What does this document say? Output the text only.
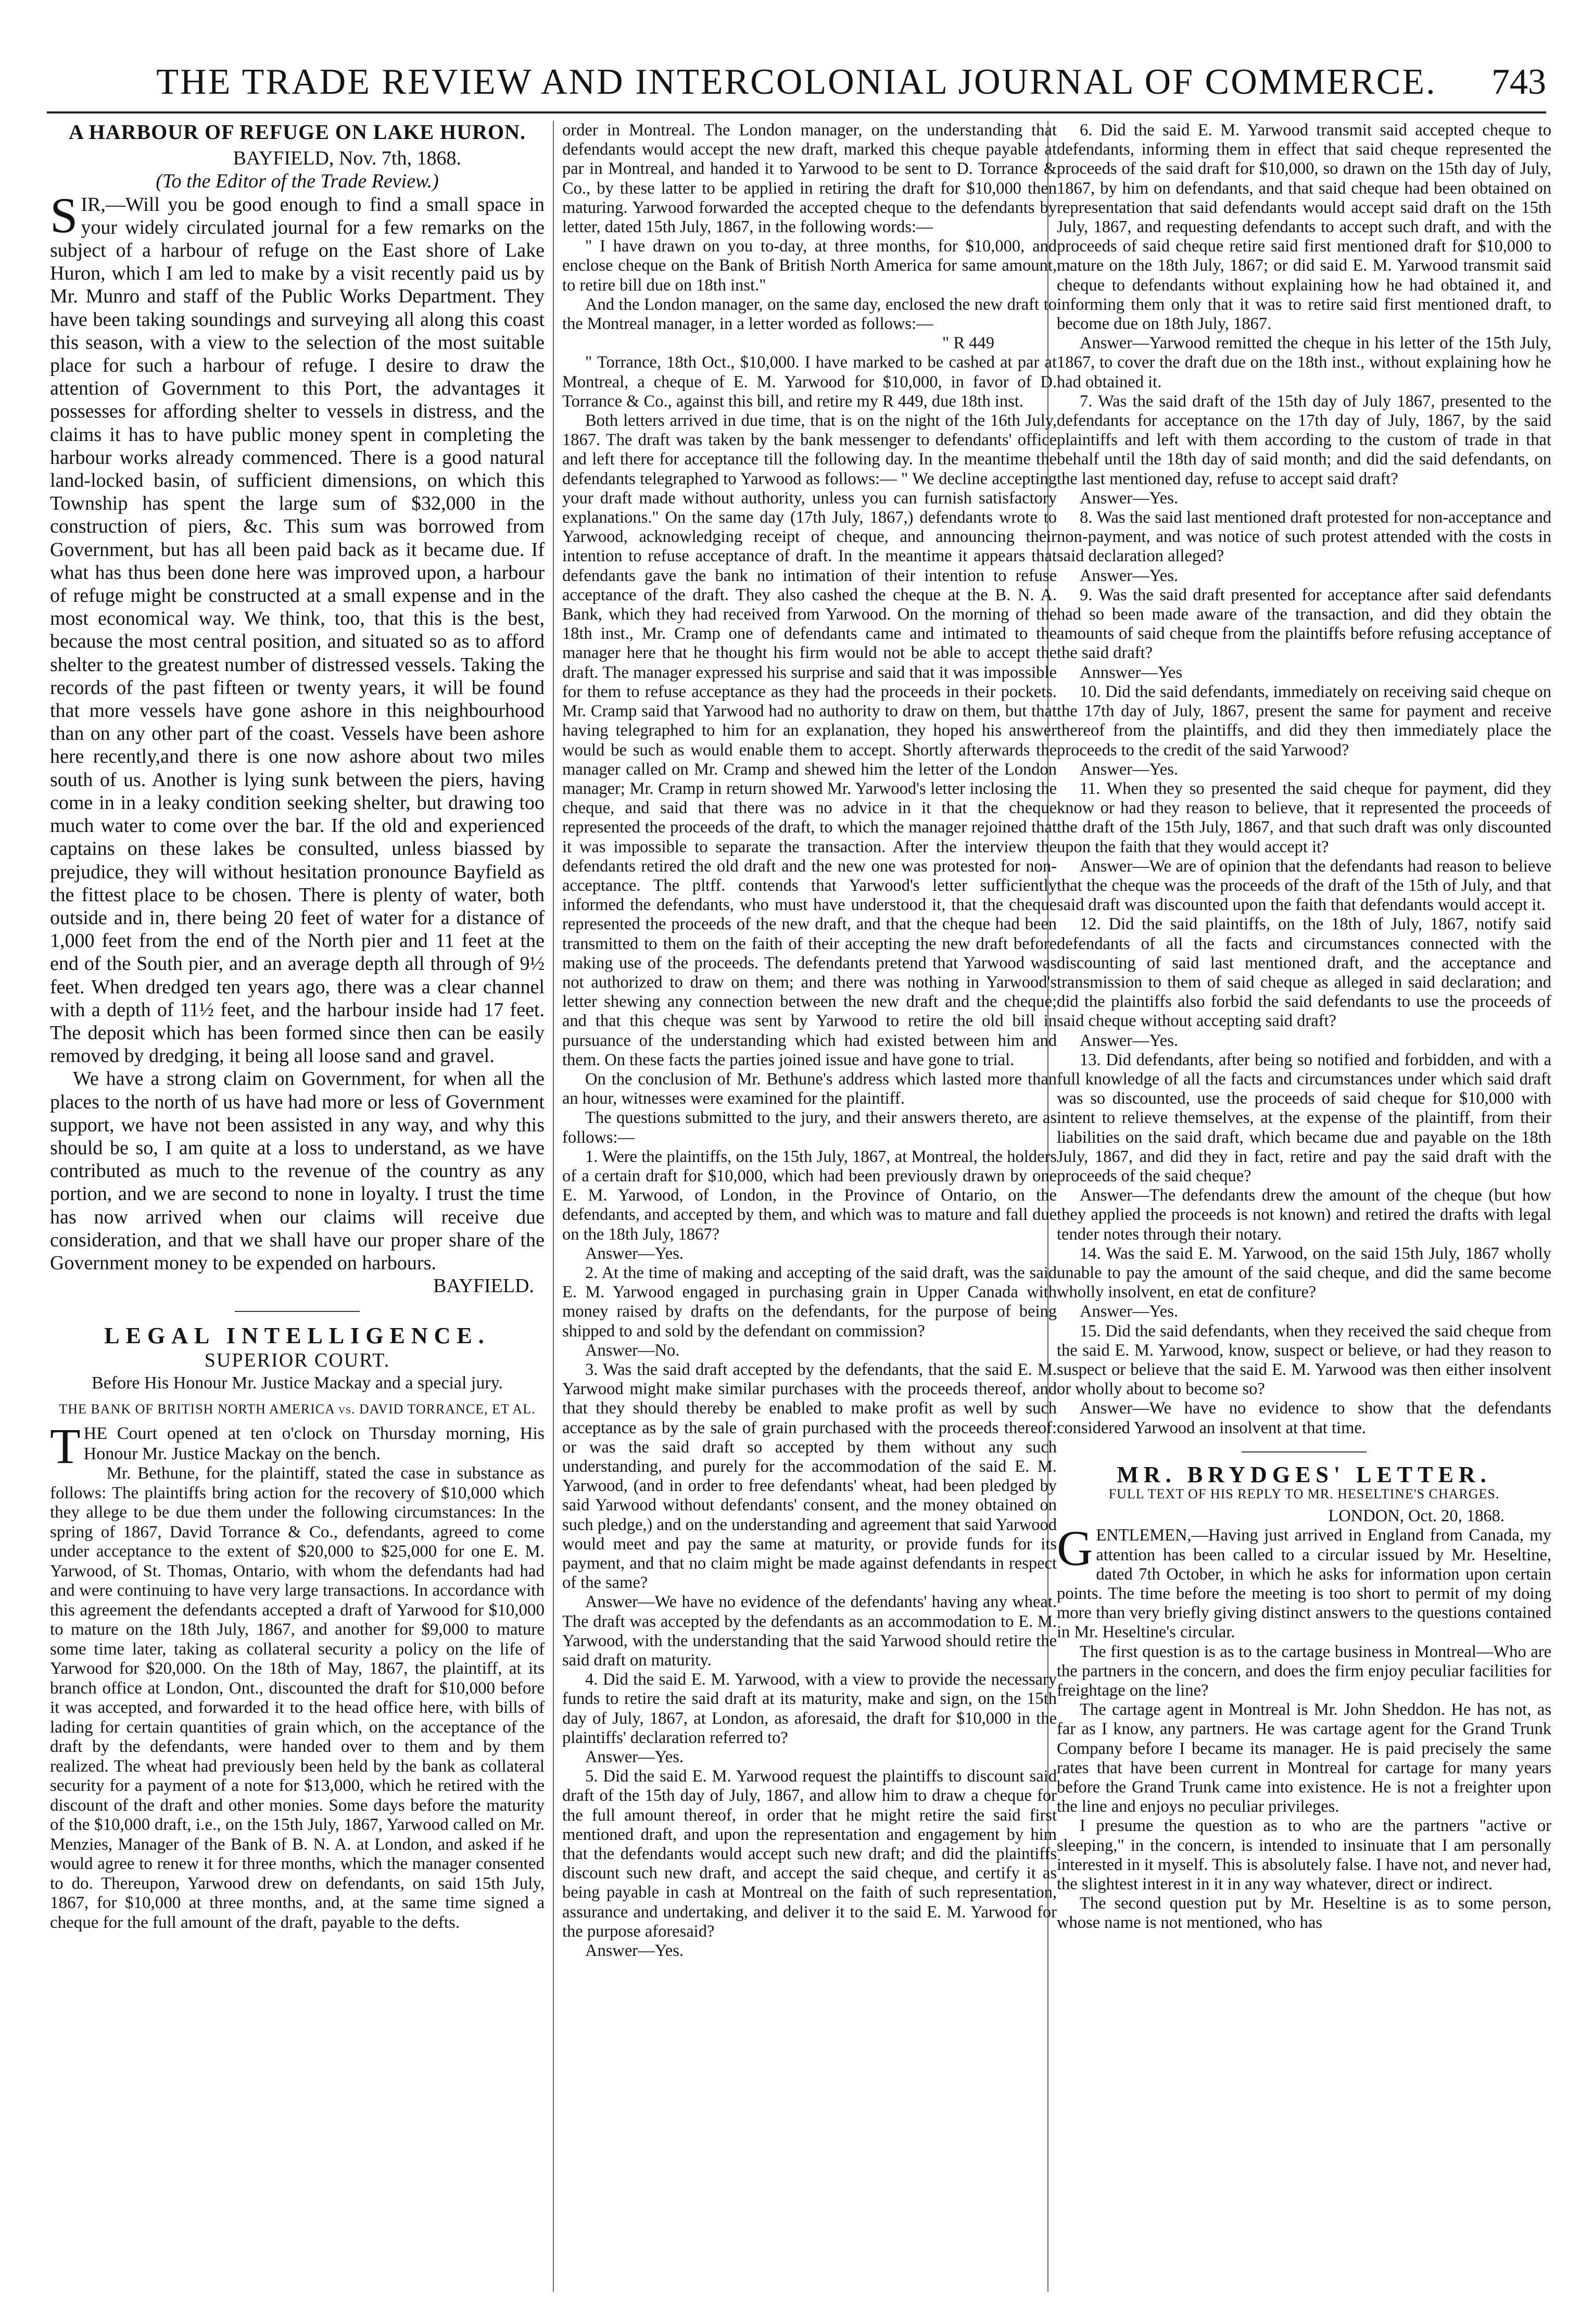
THE TRADE REVIEW AND INTERCOLONIAL JOURNAL OF COMMERCE.	743

A HARBOUR OF REFUGE ON LAKE HURON.

BAYFIELD, Nov. 7th, 1868.

(To the Editor of the Trade Review.)

SIR,—Will you be good enough to find a small space in your widely circulated journal for a few remarks on the subject of a harbour of refuge on the East shore of Lake Huron, which I am led to make by a visit recently paid us by Mr. Munro and staff of the Public Works Department. They have been taking soundings and surveying all along this coast this season, with a view to the selection of the most suitable place for such a harbour of refuge. I desire to draw the attention of Government to this Port, the advantages it possesses for affording shelter to vessels in distress, and the claims it has to have public money spent in completing the harbour works already commenced. There is a good natural land-locked basin, of sufficient dimensions, on which this Township has spent the large sum of $32,000 in the construction of piers, &c. This sum was borrowed from Government, but has all been paid back as it became due. If what has thus been done here was improved upon, a harbour of refuge might be constructed at a small expense and in the most economical way. We think, too, that this is the best, because the most central position, and situated so as to afford shelter to the greatest number of distressed vessels. Taking the records of the past fifteen or twenty years, it will be found that more vessels have gone ashore in this neighbourhood than on any other part of the coast. Vessels have been ashore here recently,and there is one now ashore about two miles south of us. Another is lying sunk between the piers, having come in in a leaky condition seeking shelter, but drawing too much water to come over the bar. If the old and experienced captains on these lakes be consulted, unless biassed by prejudice, they will without hesitation pronounce Bayfield as the fittest place to be chosen. There is plenty of water, both outside and in, there being 20 feet of water for a distance of 1,000 feet from the end of the North pier and 11 feet at the end of the South pier, and an average depth all through of 9½ feet. When dredged ten years ago, there was a clear channel with a depth of 11½ feet, and the harbour inside had 17 feet. The deposit which has been formed since then can be easily removed by dredging, it being all loose sand and gravel.

We have a strong claim on Government, for when all the places to the north of us have had more or less of Government support, we have not been assisted in any way, and why this should be so, I am quite at a loss to understand, as we have contributed as much to the revenue of the country as any portion, and we are second to none in loyalty. I trust the time has now arrived when our claims will receive due consideration, and that we shall have our proper share of the Government money to be expended on harbours.

BAYFIELD.

LEGAL INTELLIGENCE.

SUPERIOR COURT.

Before His Honour Mr. Justice Mackay and a special jury.

THE BANK OF BRITISH NORTH AMERICA vs. DAVID TORRANCE, ET AL.

THE Court opened at ten o'clock on Thursday morning, His Honour Mr. Justice Mackay on the bench.

Mr. Bethune, for the plaintiff, stated the case in substance as follows: The plaintiffs bring action for the recovery of $10,000 which they allege to be due them under the following circumstances: In the spring of 1867, David Torrance & Co., defendants, agreed to come under acceptance to the extent of $20,000 to $25,000 for one E. M. Yarwood, of St. Thomas, Ontario, with whom the defendants had had and were continuing to have very large transactions. In accordance with this agreement the defendants accepted a draft of Yarwood for $10,000 to mature on the 18th July, 1867, and another for $9,000 to mature some time later, taking as collateral security a policy on the life of Yarwood for $20,000. On the 18th of May, 1867, the plaintiff, at its branch office at London, Ont., discounted the draft for $10,000 before it was accepted, and forwarded it to the head office here, with bills of lading for certain quantities of grain which, on the acceptance of the draft by the defendants, were handed over to them and by them realized. The wheat had previously been held by the bank as collateral security for a payment of a note for $13,000, which he retired with the discount of the draft and other monies. Some days before the maturity of the $10,000 draft, i.e., on the 15th July, 1867, Yarwood called on Mr. Menzies, Manager of the Bank of B. N. A. at London, and asked if he would agree to renew it for three months, which the manager consented to do. Thereupon, Yarwood drew on defendants, on said 15th July, 1867, for $10,000 at three months, and, at the same time signed a cheque for the full amount of the draft, payable to the defts.

order in Montreal. The London manager, on the understanding that defendants would accept the new draft, marked this cheque payable at par in Montreal, and handed it to Yarwood to be sent to D. Torrance & Co., by these latter to be applied in retiring the draft for $10,000 then maturing. Yarwood forwarded the accepted cheque to the defendants by letter, dated 15th July, 1867, in the following words:—

" I have drawn on you to-day, at three months, for $10,000, and enclose cheque on the Bank of British North America for same amount, to retire bill due on 18th inst."

And the London manager, on the same day, enclosed the new draft to the Montreal manager, in a letter worded as follows:—

" R 449

" Torrance, 18th Oct., $10,000. I have marked to be cashed at par at Montreal, a cheque of E. M. Yarwood for $10,000, in favor of D. Torrance & Co., against this bill, and retire my R 449, due 18th inst.

Both letters arrived in due time, that is on the night of the 16th July, 1867. The draft was taken by the bank messenger to defendants' office and left there for acceptance till the following day. In the meantime the defendants telegraphed to Yarwood as follows:— " We decline accepting your draft made without authority, unless you can furnish satisfactory explanations." On the same day (17th July, 1867,) defendants wrote to Yarwood, acknowledging receipt of cheque, and announcing their intention to refuse acceptance of draft. In the meantime it appears that defendants gave the bank no intimation of their intention to refuse acceptance of the draft. They also cashed the cheque at the B. N. A. Bank, which they had received from Yarwood. On the morning of the 18th inst., Mr. Cramp one of defendants came and intimated to the manager here that he thought his firm would not be able to accept the draft. The manager expressed his surprise and said that it was impossible for them to refuse acceptance as they had the proceeds in their pockets. Mr. Cramp said that Yarwood had no authority to draw on them, but that having telegraphed to him for an explanation, they hoped his answer would be such as would enable them to accept. Shortly afterwards the manager called on Mr. Cramp and shewed him the letter of the London manager; Mr. Cramp in return showed Mr. Yarwood's letter inclosing the cheque, and said that there was no advice in it that the cheque represented the proceeds of the draft, to which the manager rejoined that it was impossible to separate the transaction. After the interview the defendants retired the old draft and the new one was protested for non-acceptance. The pltff. contends that Yarwood's letter sufficiently informed the defendants, who must have understood it, that the cheque represented the proceeds of the new draft, and that the cheque had been transmitted to them on the faith of their accepting the new draft before making use of the proceeds. The defendants pretend that Yarwood was not authorized to draw on them; and there was nothing in Yarwood's letter shewing any connection between the new draft and the cheque; and that this cheque was sent by Yarwood to retire the old bill in pursuance of the understanding which had existed between him and them. On these facts the parties joined issue and have gone to trial.

On the conclusion of Mr. Bethune's address which lasted more than an hour, witnesses were examined for the plaintiff.

The questions submitted to the jury, and their answers thereto, are as follows:—

1. Were the plaintiffs, on the 15th July, 1867, at Montreal, the holders of a certain draft for $10,000, which had been previously drawn by one E. M. Yarwood, of London, in the Province of Ontario, on the defendants, and accepted by them, and which was to mature and fall due on the 18th July, 1867?

Answer—Yes.

2. At the time of making and accepting of the said draft, was the said E. M. Yarwood engaged in purchasing grain in Upper Canada with money raised by drafts on the defendants, for the purpose of being shipped to and sold by the defendant on commission?

Answer—No.

3. Was the said draft accepted by the defendants, that the said E. M. Yarwood might make similar purchases with the proceeds thereof, and that they should thereby be enabled to make profit as well by such acceptance as by the sale of grain purchased with the proceeds thereof: or was the said draft so accepted by them without any such understanding, and purely for the accommodation of the said E. M. Yarwood, (and in order to free defendants' wheat, had been pledged by said Yarwood without defendants' consent, and the money obtained on such pledge,) and on the understanding and agreement that said Yarwood would meet and pay the same at maturity, or provide funds for its payment, and that no claim might be made against defendants in respect of the same?

Answer—We have no evidence of the defendants' having any wheat. The draft was accepted by the defendants as an accommodation to E. M. Yarwood, with the understanding that the said Yarwood should retire the said draft on maturity.

4. Did the said E. M. Yarwood, with a view to provide the necessary funds to retire the said draft at its maturity, make and sign, on the 15th day of July, 1867, at London, as aforesaid, the draft for $10,000 in the plaintiffs' declaration referred to?

Answer—Yes.

5. Did the said E. M. Yarwood request the plaintiffs to discount said draft of the 15th day of July, 1867, and allow him to draw a cheque for the full amount thereof, in order that he might retire the said first mentioned draft, and upon the representation and engagement by him that the defendants would accept such new draft; and did the plaintiffs discount such new draft, and accept the said cheque, and certify it as being payable in cash at Montreal on the faith of such representation, assurance and undertaking, and deliver it to the said E. M. Yarwood for the purpose aforesaid?

Answer—Yes.

6. Did the said E. M. Yarwood transmit said accepted cheque to defendants, informing them in effect that said cheque represented the proceeds of the said draft for $10,000, so drawn on the 15th day of July, 1867, by him on defendants, and that said cheque had been obtained on representation that said defendants would accept said draft on the 15th July, 1867, and requesting defendants to accept such draft, and with the proceeds of said cheque retire said first mentioned draft for $10,000 to mature on the 18th July, 1867; or did said E. M. Yarwood transmit said cheque to defendants without explaining how he had obtained it, and informing them only that it was to retire said first mentioned draft, to become due on 18th July, 1867.

Answer—Yarwood remitted the cheque in his letter of the 15th July, 1867, to cover the draft due on the 18th inst., without explaining how he had obtained it.

7. Was the said draft of the 15th day of July 1867, presented to the defendants for acceptance on the 17th day of July, 1867, by the said plaintiffs and left with them according to the custom of trade in that behalf until the 18th day of said month; and did the said defendants, on the last mentioned day, refuse to accept said draft?

Answer—Yes.

8. Was the said last mentioned draft protested for non-acceptance and non-payment, and was notice of such protest attended with the costs in said declaration alleged?

Answer—Yes.

9. Was the said draft presented for acceptance after said defendants had so been made aware of the transaction, and did they obtain the amounts of said cheque from the plaintiffs before refusing acceptance of the said draft?

Annswer—Yes

10. Did the said defendants, immediately on receiving said cheque on the 17th day of July, 1867, present the same for payment and receive thereof from the plaintiffs, and did they then immediately place the proceeds to the credit of the said Yarwood?

Answer—Yes.

11. When they so presented the said cheque for payment, did they know or had they reason to believe, that it represented the proceeds of the draft of the 15th July, 1867, and that such draft was only discounted upon the faith that they would accept it?

Answer—We are of opinion that the defendants had reason to believe that the cheque was the proceeds of the draft of the 15th of July, and that said draft was discounted upon the faith that defendants would accept it.

12. Did the said plaintiffs, on the 18th of July, 1867, notify said defendants of all the facts and circumstances connected with the discounting of said last mentioned draft, and the acceptance and transmission to them of said cheque as alleged in said declaration; and did the plaintiffs also forbid the said defendants to use the proceeds of said cheque without accepting said draft?

Answer—Yes.

13. Did defendants, after being so notified and forbidden, and with a full knowledge of all the facts and circumstances under which said draft was so discounted, use the proceeds of said cheque for $10,000 with intent to relieve themselves, at the expense of the plaintiff, from their liabilities on the said draft, which became due and payable on the 18th July, 1867, and did they in fact, retire and pay the said draft with the proceeds of the said cheque?

Answer—The defendants drew the amount of the cheque (but how they applied the proceeds is not known) and retired the drafts with legal tender notes through their notary.

14. Was the said E. M. Yarwood, on the said 15th July, 1867 wholly unable to pay the amount of the said cheque, and did the same become wholly insolvent, en etat de confiture?

Answer—Yes.

15. Did the said defendants, when they received the said cheque from the said E. M. Yarwood, know, suspect or believe, or had they reason to suspect or believe that the said E. M. Yarwood was then either insolvent or wholly about to become so?

Answer—We have no evidence to show that the defendants considered Yarwood an insolvent at that time.

MR. BRYDGES' LETTER.

FULL TEXT OF HIS REPLY TO MR. HESELTINE'S CHARGES.

LONDON, Oct. 20, 1868.

GENTLEMEN,—Having just arrived in England from Canada, my attention has been called to a circular issued by Mr. Heseltine, dated 7th October, in which he asks for information upon certain points. The time before the meeting is too short to permit of my doing more than very briefly giving distinct answers to the questions contained in Mr. Heseltine's circular.

The first question is as to the cartage business in Montreal—Who are the partners in the concern, and does the firm enjoy peculiar facilities for freightage on the line?

The cartage agent in Montreal is Mr. John Sheddon. He has not, as far as I know, any partners. He was cartage agent for the Grand Trunk Company before I became its manager. He is paid precisely the same rates that have been current in Montreal for cartage for many years before the Grand Trunk came into existence. He is not a freighter upon the line and enjoys no peculiar privileges.

I presume the question as to who are the partners "active or sleeping," in the concern, is intended to insinuate that I am personally interested in it myself. This is absolutely false. I have not, and never had, the slightest interest in it in any way whatever, direct or indirect.

The second question put by Mr. Heseltine is as to some person, whose name is not mentioned, who has
